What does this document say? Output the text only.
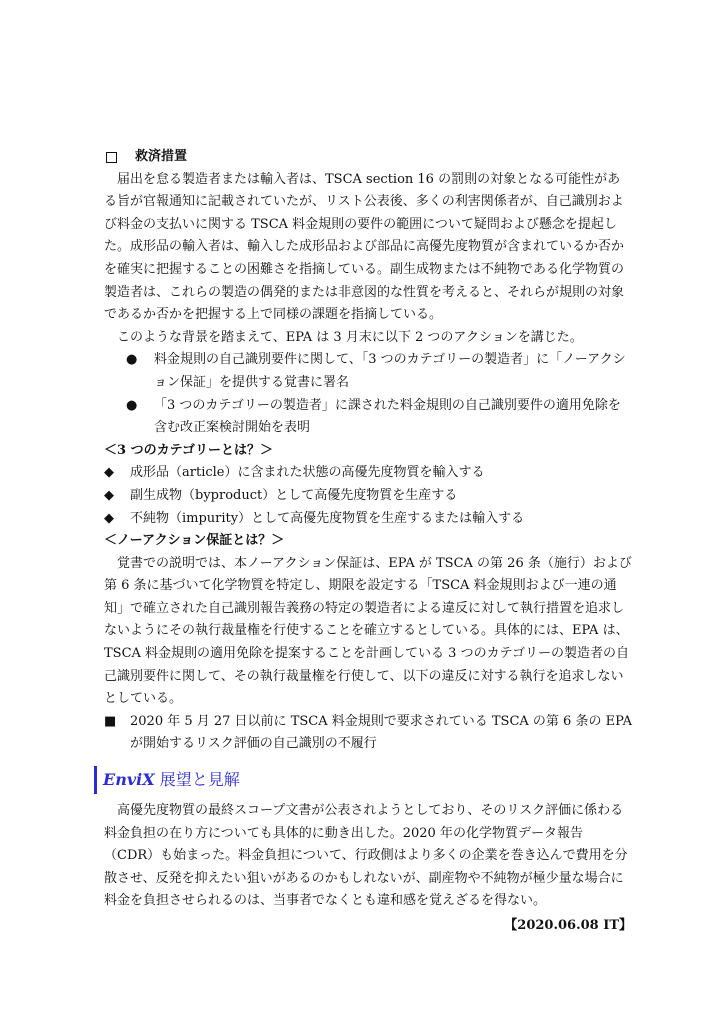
救済措置

届出を怠る製造者または輸入者は、TSCA section 16 の罰則の対象となる可能性がある旨が官報通知に記載されていたが、リスト公表後、多くの利害関係者が、自己識別および料金の支払いに関する TSCA 料金規則の要件の範囲について疑問および懸念を提起した。成形品の輸入者は、輸入した成形品および部品に高優先度物質が含まれているか否かを確実に把握することの困難さを指摘している。副生成物または不純物である化学物質の製造者は、これらの製造の偶発的または非意図的な性質を考えると、それらが規則の対象であるか否かを把握する上で同様の課題を指摘している。

このような背景を踏まえて、EPA は 3 月末に以下 2 つのアクションを講じた。

● 料金規則の自己識別要件に関して、「3 つのカテゴリーの製造者」に「ノーアクション保証」を提供する覚書に署名
● 「3 つのカテゴリーの製造者」に課された料金規則の自己識別要件の適用免除を含む改正案検討開始を表明

＜3 つのカテゴリーとは？＞

◆ 成形品（article）に含まれた状態の高優先度物質を輸入する
◆ 副生成物（byproduct）として高優先度物質を生産する
◆ 不純物（impurity）として高優先度物質を生産するまたは輸入する

＜ノーアクション保証とは？＞

覚書での説明では、本ノーアクション保証は、EPA が TSCA の第 26 条（施行）および第 6 条に基づいて化学物質を特定し、期限を設定する「TSCA 料金規則および一連の通知」で確立された自己識別報告義務の特定の製造者による違反に対して執行措置を追求しないようにその執行裁量権を行使することを確立するとしている。具体的には、EPA は、TSCA 料金規則の適用免除を提案することを計画している 3 つのカテゴリーの製造者の自己識別要件に関して、その執行裁量権を行使して、以下の違反に対する執行を追求しないとしている。

■ 2020 年 5 月 27 日以前に TSCA 料金規則で要求されている TSCA の第 6 条の EPA が開始するリスク評価の自己識別の不履行
EnviX 展望と見解

高優先度物質の最終スコープ文書が公表されようとしており、そのリスク評価に係わる料金負担の在り方についても具体的に動き出した。2020 年の化学物質データ報告（CDR）も始まった。料金負担について、行政側はより多くの企業を巻き込んで費用を分散させ、反発を抑えたい狙いがあるのかもしれないが、副産物や不純物が極少量な場合に料金を負担させられるのは、当事者でなくとも違和感を覚えざるを得ない。

【2020.06.08 IT】
